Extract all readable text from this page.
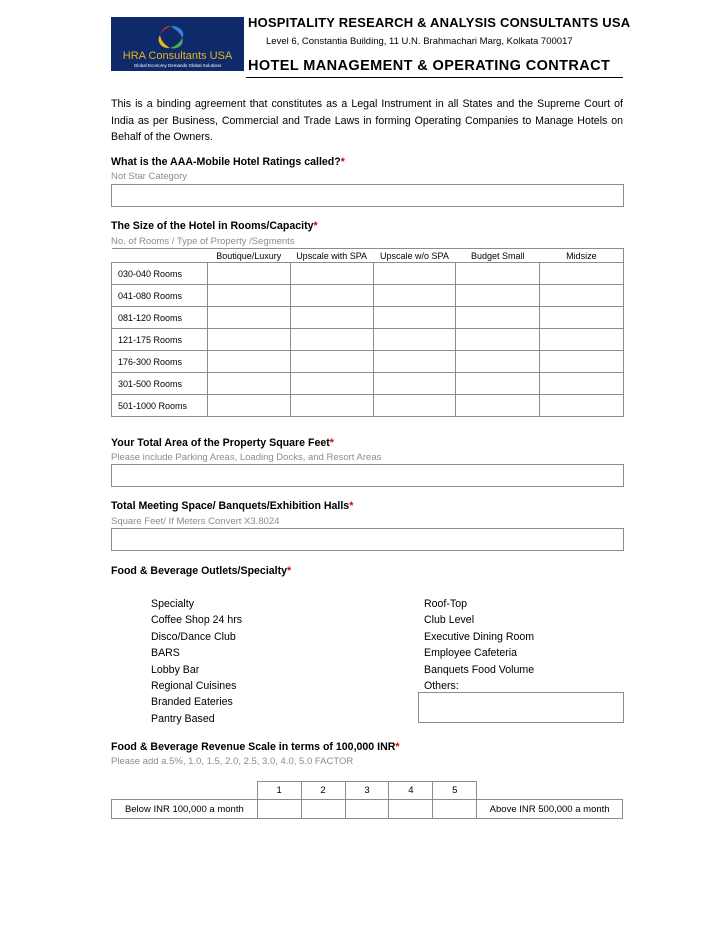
HRA Consultants USA
Global Economy Demands Global Solutions
HOSPITALITY RESEARCH & ANALYSIS CONSULTANTS USA
Level 6, Constantia Building, 11 U.N. Brahmachari Marg, Kolkata 700017
HOTEL MANAGEMENT & OPERATING CONTRACT
This is a binding agreement that constitutes as a Legal Instrument in all States and the Supreme Court of India as per Business, Commercial and Trade Laws in forming Operating Companies to Manage Hotels on Behalf of the Owners.
What is the AAA-Mobile Hotel Ratings called?*
Not Star Category
The Size of the Hotel in Rooms/Capacity*
No. of Rooms / Type of Property /Segments
	Boutique/Luxury	Upscale with SPA	Upscale w/o SPA	Budget Small	Midsize
030-040 Rooms					
041-080 Rooms					
081-120 Rooms					
121-175 Rooms					
176-300 Rooms					
301-500 Rooms					
501-1000 Rooms					
Your Total Area of the Property Square Feet*
Please include Parking Areas, Loading Docks, and Resort Areas
Total Meeting Space/ Banquets/Exhibition Halls*
Square Feet/ If Meters Convert X3.8024
Food & Beverage Outlets/Specialty*
Specialty
Coffee Shop 24 hrs
Disco/Dance Club
BARS
Lobby Bar
Regional Cuisines
Branded Eateries
Pantry Based
Roof-Top
Club Level
Executive Dining Room
Employee Cafeteria
Banquets Food Volume
Others:
Food & Beverage Revenue Scale in terms of 100,000 INR*
Please add a.5%, 1.0, 1.5, 2.0, 2.5, 3.0, 4.0, 5.0 FACTOR
	1	2	3	4	5	
Below INR 100,000 a month						Above INR 500,000 a month
